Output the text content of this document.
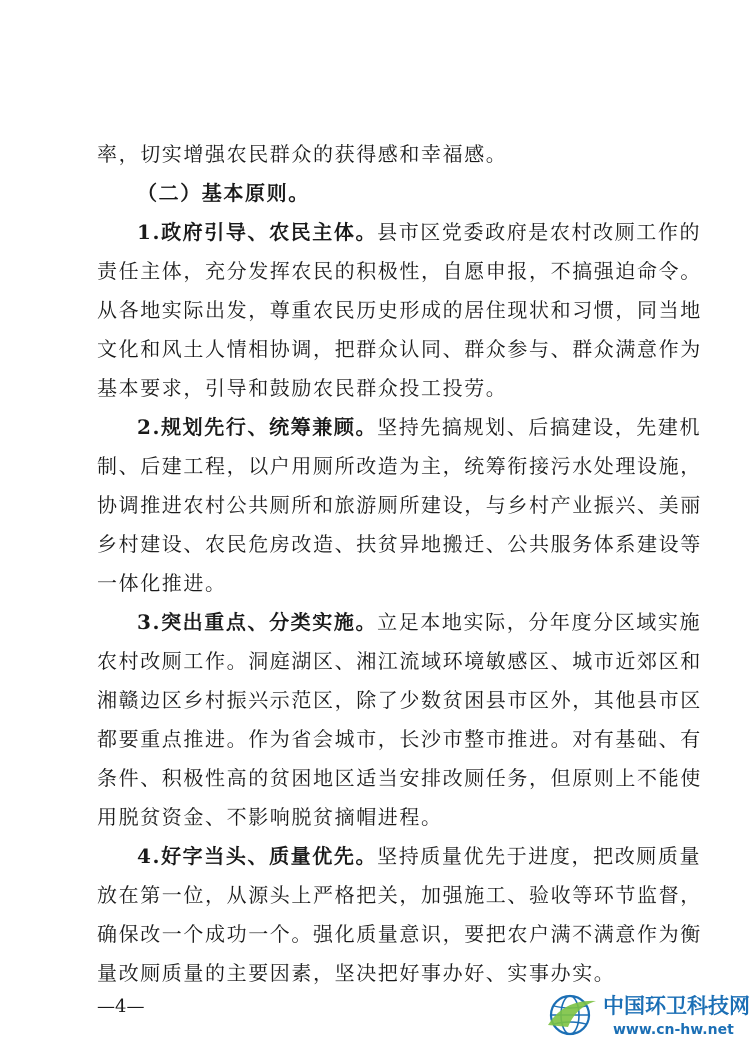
率，切实增强农民群众的获得感和幸福感。
（二）基本原则。
1.政府引导、农民主体。县市区党委政府是农村改厕工作的
责任主体，充分发挥农民的积极性，自愿申报，不搞强迫命令。
从各地实际出发，尊重农民历史形成的居住现状和习惯，同当地
文化和风土人情相协调，把群众认同、群众参与、群众满意作为
基本要求，引导和鼓励农民群众投工投劳。
2.规划先行、统筹兼顾。坚持先搞规划、后搞建设，先建机
制、后建工程，以户用厕所改造为主，统筹衔接污水处理设施，
协调推进农村公共厕所和旅游厕所建设，与乡村产业振兴、美丽
乡村建设、农民危房改造、扶贫异地搬迁、公共服务体系建设等
一体化推进。
3.突出重点、分类实施。立足本地实际，分年度分区域实施
农村改厕工作。洞庭湖区、湘江流域环境敏感区、城市近郊区和
湘赣边区乡村振兴示范区，除了少数贫困县市区外，其他县市区
都要重点推进。作为省会城市，长沙市整市推进。对有基础、有
条件、积极性高的贫困地区适当安排改厕任务，但原则上不能使
用脱贫资金、不影响脱贫摘帽进程。
4.好字当头、质量优先。坚持质量优先于进度，把改厕质量
放在第一位，从源头上严格把关，加强施工、验收等环节监督，
确保改一个成功一个。强化质量意识，要把农户满不满意作为衡
量改厕质量的主要因素，坚决把好事办好、实事办实。
—4—	中国环卫科技网
www.cn-hw.net
